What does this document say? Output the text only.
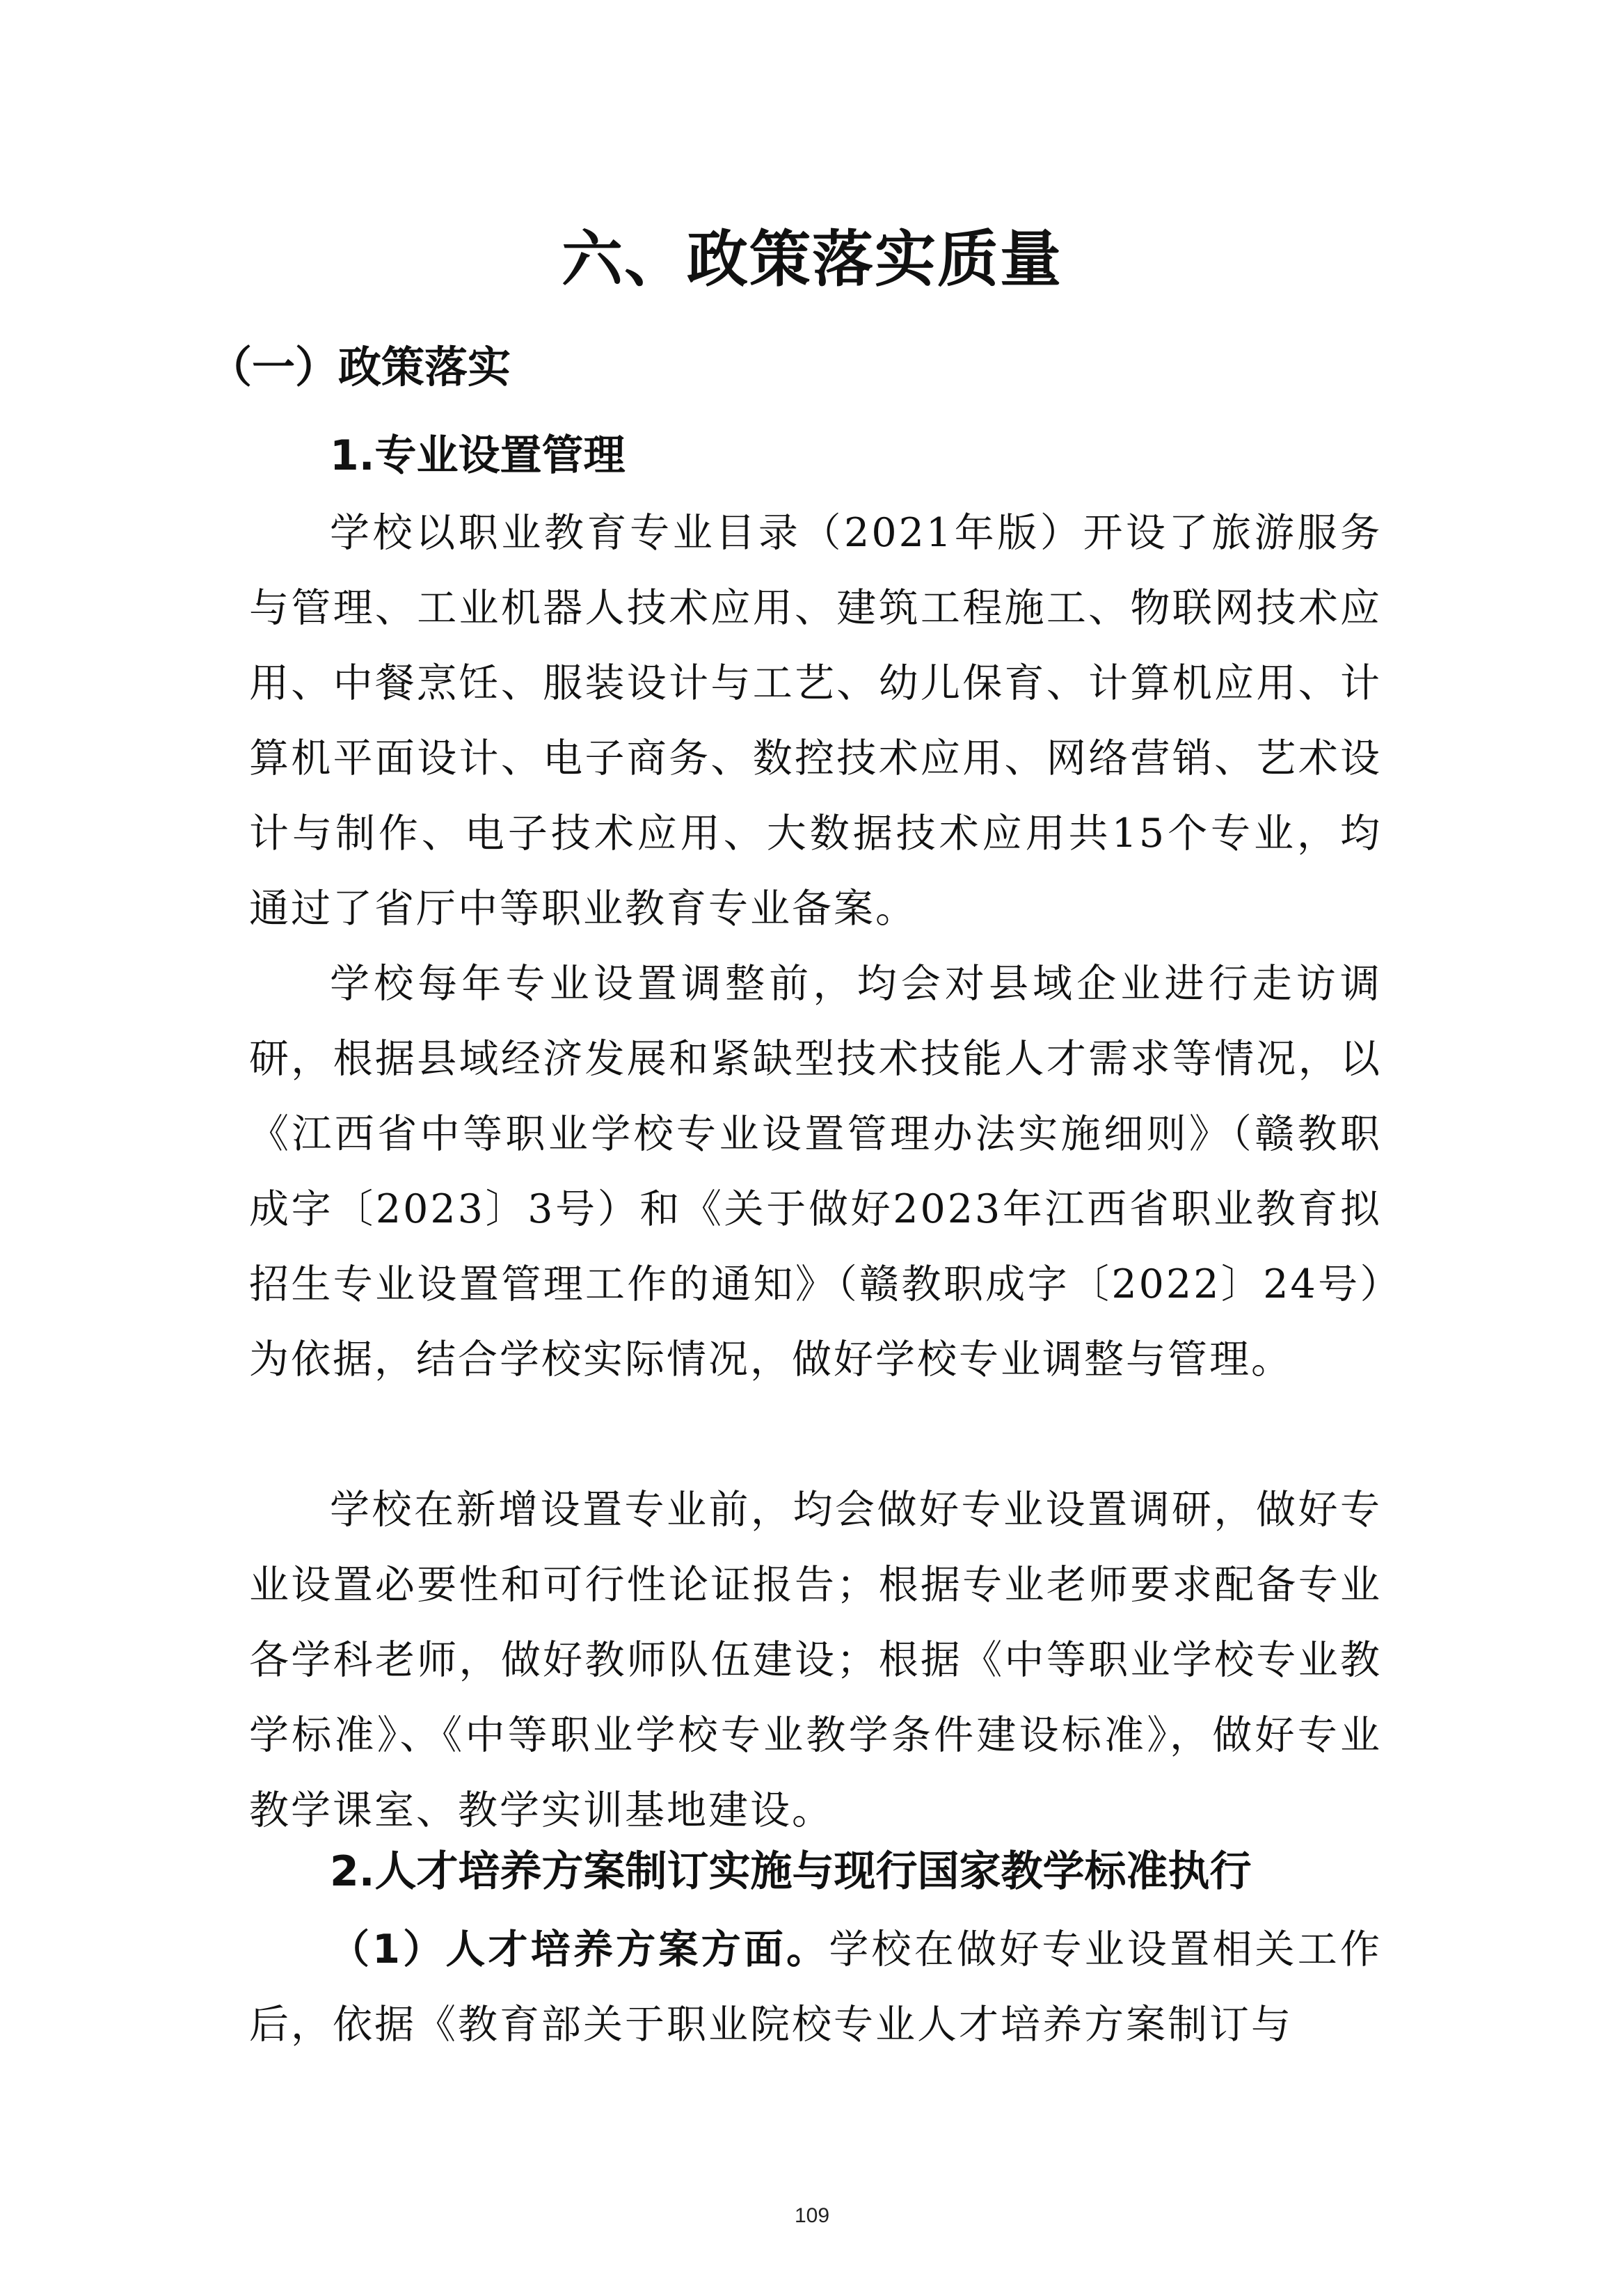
六、政策落实质量
（一）政策落实
1.专业设置管理

学校以职业教育专业目录（2021年版）开设了旅游服务与管理、工业机器人技术应用、建筑工程施工、物联网技术应用、中餐烹饪、服装设计与工艺、幼儿保育、计算机应用、计算机平面设计、电子商务、数控技术应用、网络营销、艺术设计与制作、电子技术应用、大数据技术应用共15个专业，均通过了省厅中等职业教育专业备案。

学校每年专业设置调整前，均会对县域企业进行走访调研，根据县域经济发展和紧缺型技术技能人才需求等情况，以《江西省中等职业学校专业设置管理办法实施细则》（赣教职成字〔2023〕3号）和《关于做好2023年江西省职业教育拟招生专业设置管理工作的通知》（赣教职成字〔2022〕24号）为依据，结合学校实际情况，做好学校专业调整与管理。

学校在新增设置专业前，均会做好专业设置调研，做好专业设置必要性和可行性论证报告；根据专业老师要求配备专业各学科老师，做好教师队伍建设；根据《中等职业学校专业教学标准》、《中等职业学校专业教学条件建设标准》，做好专业教学课室、教学实训基地建设。

2.人才培养方案制订实施与现行国家教学标准执行

（1）人才培养方案方面。学校在做好专业设置相关工作后，依据《教育部关于职业院校专业人才培养方案制订与

109
